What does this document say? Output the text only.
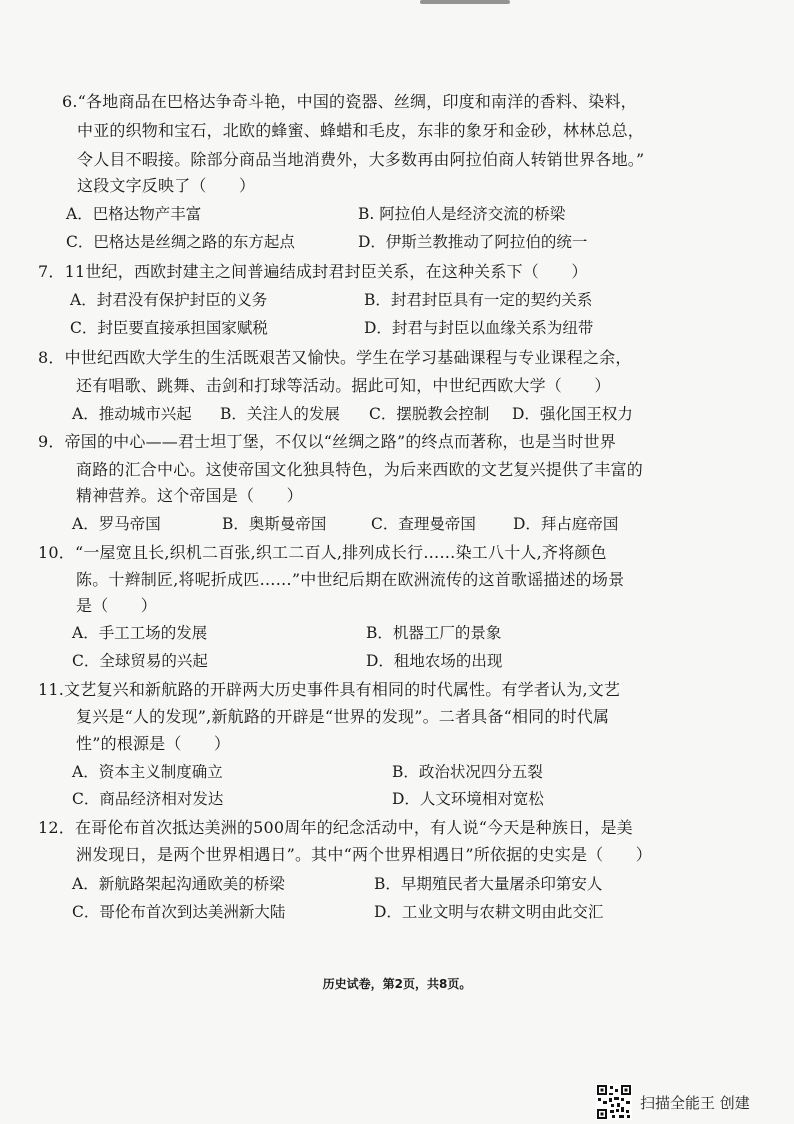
6.“各地商品在巴格达争奇斗艳，中国的瓷器、丝绸，印度和南洋的香料、染料，
中亚的织物和宝石，北欧的蜂蜜、蜂蜡和毛皮，东非的象牙和金砂，林林总总，
令人目不暇接。除部分商品当地消费外，大多数再由阿拉伯商人转销世界各地。”
这段文字反映了（　　）
A．巴格达物产丰富	B. 阿拉伯人是经济交流的桥梁
C．巴格达是丝绸之路的东方起点	D．伊斯兰教推动了阿拉伯的统一
7．11世纪，西欧封建主之间普遍结成封君封臣关系，在这种关系下（　　）
A．封君没有保护封臣的义务	B．封君封臣具有一定的契约关系
C．封臣要直接承担国家赋税	D．封君与封臣以血缘关系为纽带
8．中世纪西欧大学生的生活既艰苦又愉快。学生在学习基础课程与专业课程之余，
还有唱歌、跳舞、击剑和打球等活动。据此可知，中世纪西欧大学（　　）
A．推动城市兴起 B．关注人的发展 C．摆脱教会控制 D．强化国王权力
9．帝国的中心——君士坦丁堡，不仅以“丝绸之路”的终点而著称，也是当时世界
商路的汇合中心。这使帝国文化独具特色，为后来西欧的文艺复兴提供了丰富的
精神营养。这个帝国是（　　）
A．罗马帝国	B．奥斯曼帝国	C．查理曼帝国 D．拜占庭帝国
10．“一屋宽且长,织机二百张,织工二百人,排列成长行……染工八十人,齐将颜色
陈。十辫制匠,将呢折成匹……”中世纪后期在欧洲流传的这首歌谣描述的场景
是（　　）
A．手工工场的发展	B．机器工厂的景象
C．全球贸易的兴起	D．租地农场的出现
11.文艺复兴和新航路的开辟两大历史事件具有相同的时代属性。有学者认为,文艺
复兴是“人的发现”,新航路的开辟是“世界的发现”。二者具备“相同的时代属
性”的根源是（　　）
A．资本主义制度确立	B．政治状况四分五裂
C．商品经济相对发达	D．人文环境相对宽松
12．在哥伦布首次抵达美洲的500周年的纪念活动中，有人说“今天是种族日，是美
洲发现日，是两个世界相遇日”。其中“两个世界相遇日”所依据的史实是（　　）
A．新航路架起沟通欧美的桥梁	B．早期殖民者大量屠杀印第安人
C．哥伦布首次到达美洲新大陆	D．工业文明与农耕文明由此交汇
历史试卷，第2页，共8页。
扫描全能王 创建
